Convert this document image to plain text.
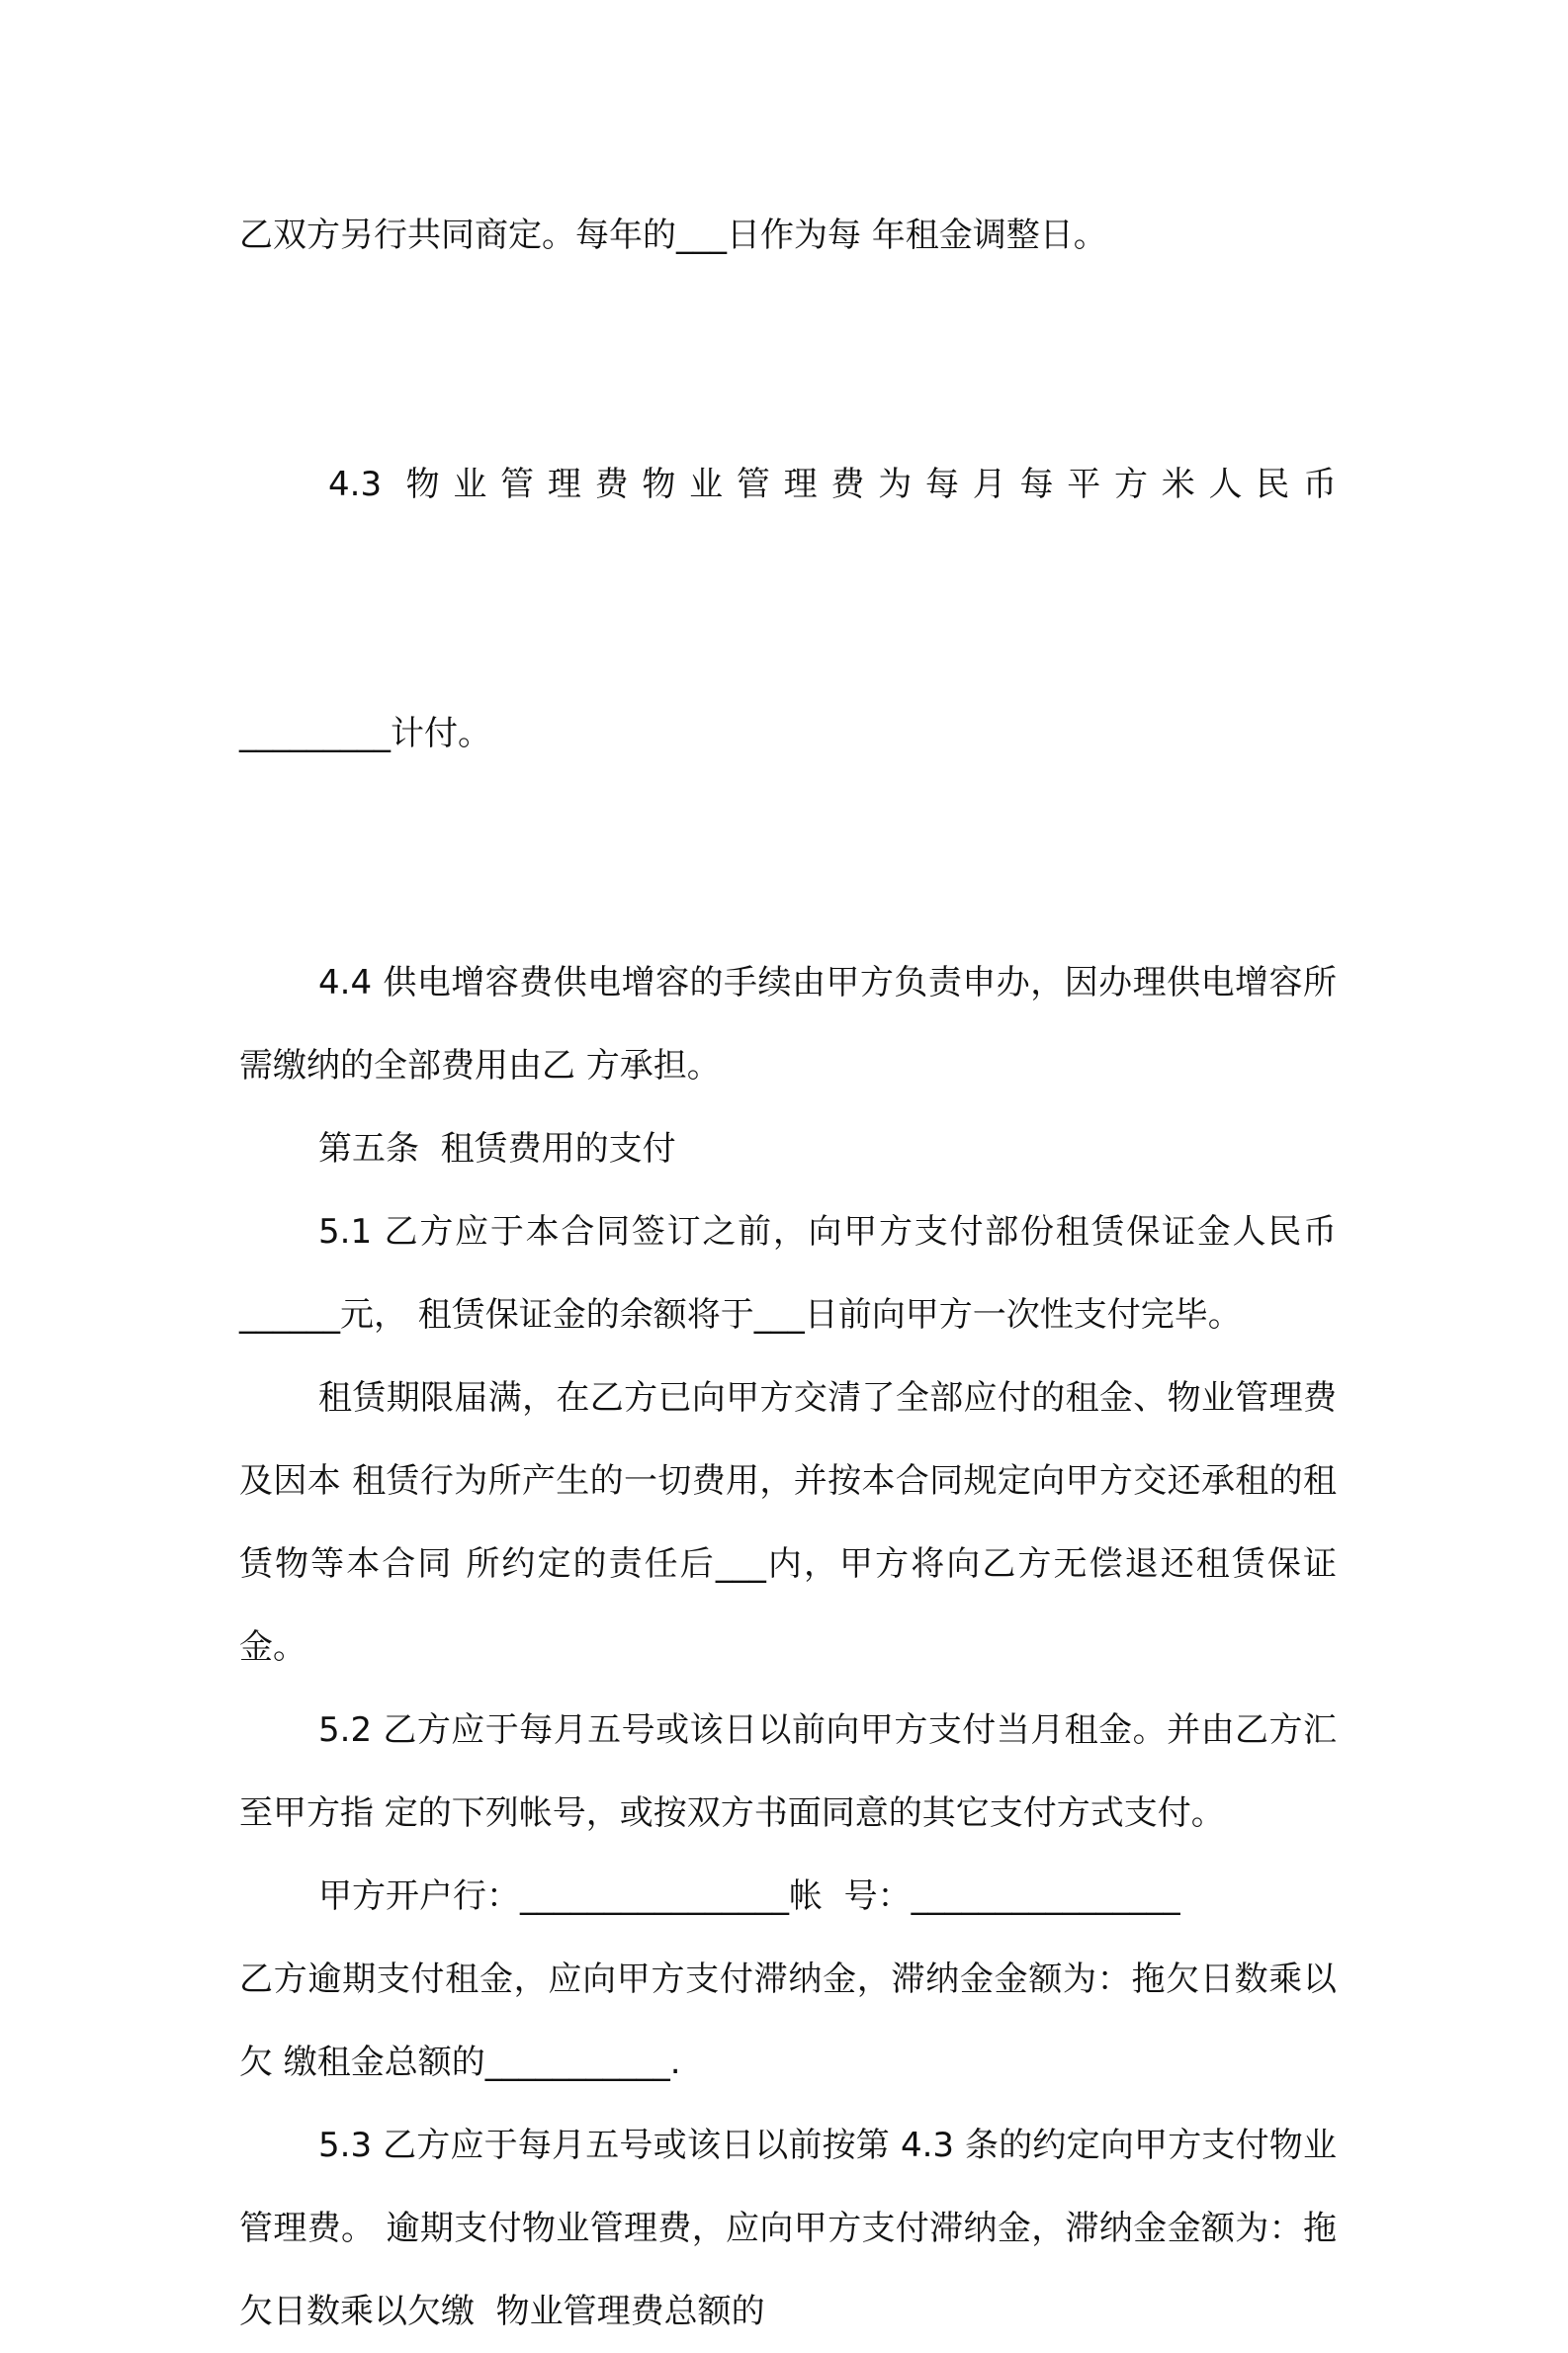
乙双方另行共同商定。每年的___日作为每 年租金调整日。

4.3 物业管理费物业管理费为每月每平方米人民币

_________计付。

4.4 供电增容费供电增容的手续由甲方负责申办，因办理供电增容所需缴纳的全部费用由乙 方承担。

第五条  租赁费用的支付

5.1 乙方应于本合同签订之前，向甲方支付部份租赁保证金人民币______元， 租赁保证金的余额将于___日前向甲方一次性支付完毕。

租赁期限届满，在乙方已向甲方交清了全部应付的租金、物业管理费及因本 租赁行为所产生的一切费用，并按本合同规定向甲方交还承租的租赁物等本合同 所约定的责任后___内，甲方将向乙方无偿退还租赁保证金。

5.2 乙方应于每月五号或该日以前向甲方支付当月租金。并由乙方汇至甲方指 定的下列帐号，或按双方书面同意的其它支付方式支付。

甲方开户行：________________帐  号：________________

乙方逾期支付租金，应向甲方支付滞纳金，滞纳金金额为：拖欠日数乘以欠 缴租金总额的___________.

5.3 乙方应于每月五号或该日以前按第 4.3 条的约定向甲方支付物业管理费。 逾期支付物业管理费，应向甲方支付滞纳金，滞纳金金额为：拖欠日数乘以欠缴  物业管理费总额的
